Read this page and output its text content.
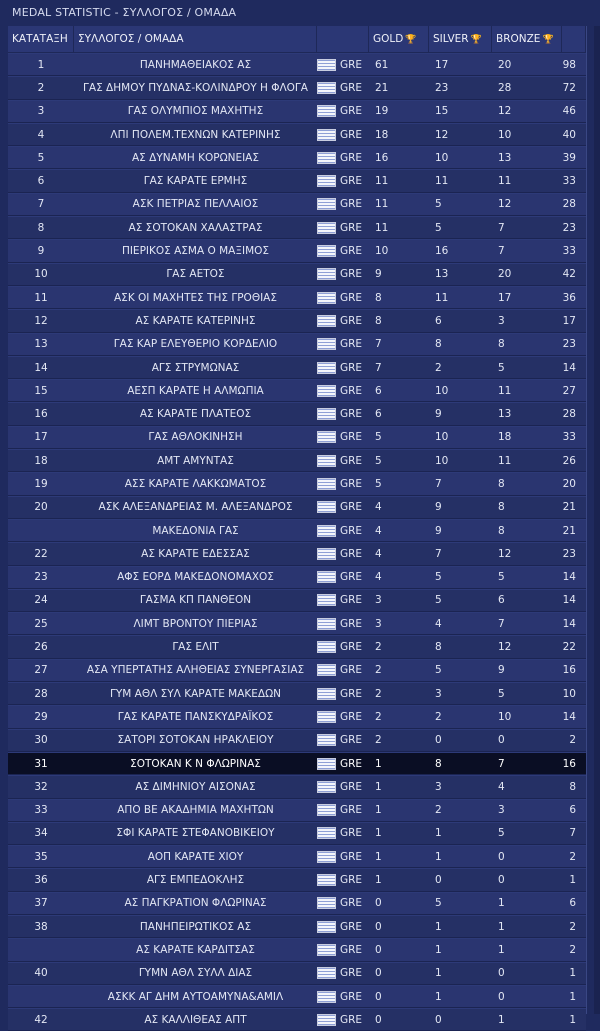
MEDAL STATISTIC - ΣΥΛΛΟΓΟΣ / ΟΜΑΔΑ
ΚΑΤΑΤΑΞΗ	ΣΥΛΛΟΓΟΣ / ΟΜΑΔΑ		GOLD 🏆	SILVER 🏆	BRONZE 🏆	
1	ΠΑΝΗΜΑΘΕΙΑΚΟΣ ΑΣ	GRE	61	17	20	98
2	ΓΑΣ ΔΗΜΟΥ ΠΥΔΝΑΣ-ΚΟΛΙΝΔΡΟΥ Η ΦΛΟΓΑ	GRE	21	23	28	72
3	ΓΑΣ ΟΛΥΜΠΙΟΣ ΜΑΧΗΤΗΣ	GRE	19	15	12	46
4	ΛΠΙ ΠΟΛΕΜ.ΤΕΧΝΩΝ ΚΑΤΕΡΙΝΗΣ	GRE	18	12	10	40
5	ΑΣ ΔΥΝΑΜΗ ΚΟΡΩΝΕΙΑΣ	GRE	16	10	13	39
6	ΓΑΣ ΚΑΡΑΤΕ ΕΡΜΗΣ	GRE	11	11	11	33
7	ΑΣΚ ΠΕΤΡΙΑΣ ΠΕΛΛΑΙΟΣ	GRE	11	5	12	28
8	ΑΣ ΣΟΤΟΚΑΝ ΧΑΛΑΣΤΡΑΣ	GRE	11	5	7	23
9	ΠΙΕΡΙΚΟΣ ΑΣΜΑ Ο ΜΑΞΙΜΟΣ	GRE	10	16	7	33
10	ΓΑΣ ΑΕΤΟΣ	GRE	9	13	20	42
11	ΑΣΚ ΟΙ ΜΑΧΗΤΕΣ ΤΗΣ ΓΡΟΘΙΑΣ	GRE	8	11	17	36
12	ΑΣ ΚΑΡΑΤΕ ΚΑΤΕΡΙΝΗΣ	GRE	8	6	3	17
13	ΓΑΣ ΚΑΡ ΕΛΕΥΘΕΡΙΟ ΚΟΡΔΕΛΙΟ	GRE	7	8	8	23
14	ΑΓΣ ΣΤΡΥΜΩΝΑΣ	GRE	7	2	5	14
15	ΑΕΣΠ ΚΑΡΑΤΕ Η ΑΛΜΩΠΙΑ	GRE	6	10	11	27
16	ΑΣ ΚΑΡΑΤΕ ΠΛΑΤΕΟΣ	GRE	6	9	13	28
17	ΓΑΣ ΑΘΛΟΚΙΝΗΣΗ	GRE	5	10	18	33
18	ΑΜΤ ΑΜΥΝΤΑΣ	GRE	5	10	11	26
19	ΑΣΣ ΚΑΡΑΤΕ ΛΑΚΚΩΜΑΤΟΣ	GRE	5	7	8	20
20	ΑΣΚ ΑΛΕΞΑΝΔΡΕΙΑΣ Μ. ΑΛΕΞΑΝΔΡΟΣ	GRE	4	9	8	21
	ΜΑΚΕΔΟΝΙΑ ΓΑΣ	GRE	4	9	8	21
22	ΑΣ ΚΑΡΑΤΕ ΕΔΕΣΣΑΣ	GRE	4	7	12	23
23	ΑΦΣ ΕΟΡΔ ΜΑΚΕΔΟΝΟΜΑΧΟΣ	GRE	4	5	5	14
24	ΓΑΣΜΑ ΚΠ ΠΑΝΘΕΟΝ	GRE	3	5	6	14
25	ΛΙΜΤ ΒΡΟΝΤΟΥ ΠΙΕΡΙΑΣ	GRE	3	4	7	14
26	ΓΑΣ ΕΛΙΤ	GRE	2	8	12	22
27	ΑΣΑ ΥΠΕΡΤΑΤΗΣ ΑΛΗΘΕΙΑΣ ΣΥΝΕΡΓΑΣΙΑΣ	GRE	2	5	9	16
28	ΓΥΜ ΑΘΛ ΣΥΛ ΚΑΡΑΤΕ ΜΑΚΕΔΩΝ	GRE	2	3	5	10
29	ΓΑΣ ΚΑΡΑΤΕ ΠΑΝΣΚΥΔΡΑΪΚΟΣ	GRE	2	2	10	14
30	ΣΑΤΟΡΙ ΣΟΤΟΚΑΝ ΗΡΑΚΛΕΙΟΥ	GRE	2	0	0	2
31	ΣΟΤΟΚΑΝ Κ Ν ΦΛΩΡΙΝΑΣ	GRE	1	8	7	16
32	ΑΣ ΔΙΜΗΝΙΟΥ ΑΙΣΟΝΑΣ	GRE	1	3	4	8
33	ΑΠΟ ΒΕ ΑΚΑΔΗΜΙΑ ΜΑΧΗΤΩΝ	GRE	1	2	3	6
34	ΣΦΙ ΚΑΡΑΤΕ ΣΤΕΦΑΝΟΒΙΚΕΙΟΥ	GRE	1	1	5	7
35	ΑΟΠ ΚΑΡΑΤΕ ΧΙΟΥ	GRE	1	1	0	2
36	ΑΓΣ ΕΜΠΕΔΟΚΛΗΣ	GRE	1	0	0	1
37	ΑΣ ΠΑΓΚΡΑΤΙΟΝ ΦΛΩΡΙΝΑΣ	GRE	0	5	1	6
38	ΠΑΝΗΠΕΙΡΩΤΙΚΟΣ ΑΣ	GRE	0	1	1	2
	ΑΣ ΚΑΡΑΤΕ ΚΑΡΔΙΤΣΑΣ	GRE	0	1	1	2
40	ΓΥΜΝ ΑΘΛ ΣΥΛΛ ΔΙΑΣ	GRE	0	1	0	1
	ΑΣΚΚ ΑΓ ΔΗΜ ΑΥΤΟΑΜΥΝΑ&ΑΜΙΛ	GRE	0	1	0	1
42	ΑΣ ΚΑΛΛΙΘΕΑΣ ΑΠΤ	GRE	0	0	1	1
